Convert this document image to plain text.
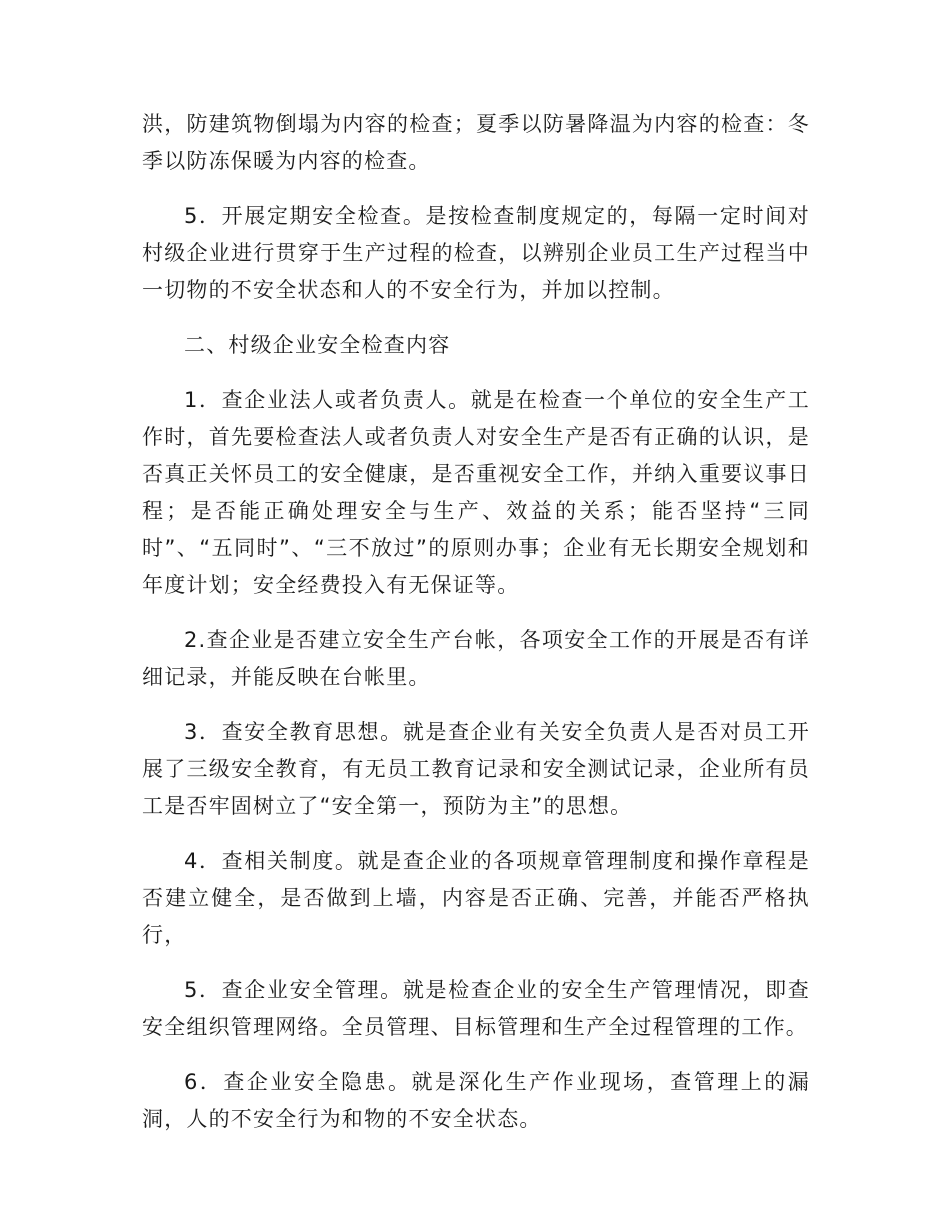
洪，防建筑物倒塌为内容的检查；夏季以防暑降温为内容的检查：冬季以防冻保暖为内容的检查。

5．开展定期安全检查。是按检查制度规定的，每隔一定时间对村级企业进行贯穿于生产过程的检查，以辨别企业员工生产过程当中一切物的不安全状态和人的不安全行为，并加以控制。

二、村级企业安全检查内容

1．查企业法人或者负责人。就是在检查一个单位的安全生产工作时，首先要检查法人或者负责人对安全生产是否有正确的认识，是否真正关怀员工的安全健康，是否重视安全工作，并纳入重要议事日程；是否能正确处理安全与生产、效益的关系；能否坚持“三同时”、“五同时”、“三不放过”的原则办事；企业有无长期安全规划和年度计划；安全经费投入有无保证等。

2.查企业是否建立安全生产台帐，各项安全工作的开展是否有详细记录，并能反映在台帐里。

3．查安全教育思想。就是查企业有关安全负责人是否对员工开展了三级安全教育，有无员工教育记录和安全测试记录，企业所有员工是否牢固树立了“安全第一，预防为主”的思想。

4．查相关制度。就是查企业的各项规章管理制度和操作章程是否建立健全，是否做到上墙，内容是否正确、完善，并能否严格执行，

5．查企业安全管理。就是检查企业的安全生产管理情况，即查安全组织管理网络。全员管理、目标管理和生产全过程管理的工作。

6．查企业安全隐患。就是深化生产作业现场，查管理上的漏洞，人的不安全行为和物的不安全状态。
